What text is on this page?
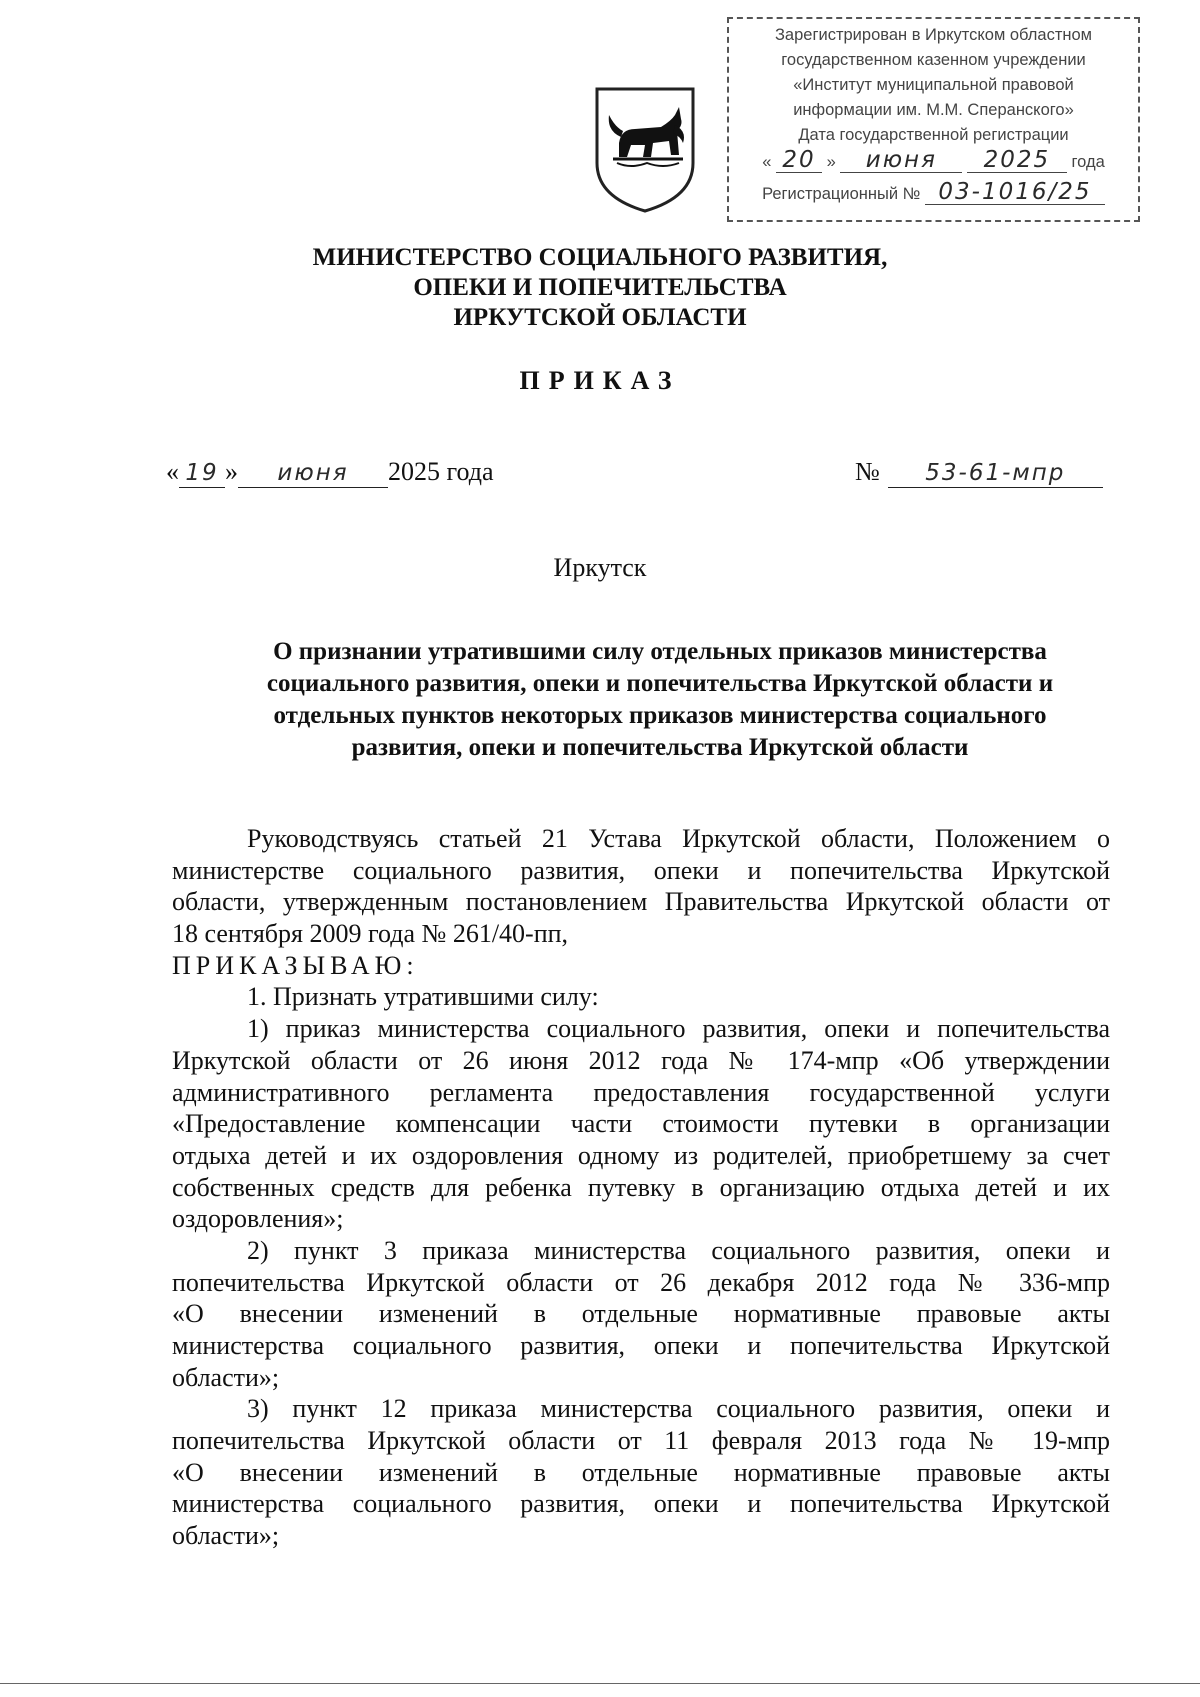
Зарегистрирован в Иркутском областном
государственном казенном учреждении
«Институт муниципальной правовой
информации им. М.М. Сперанского»
Дата государственной регистрации
« 20 » июня 2025 года
Регистрационный № 03-1016/25
МИНИСТЕРСТВО СОЦИАЛЬНОГО РАЗВИТИЯ,
ОПЕКИ И ПОПЕЧИТЕЛЬСТВА
ИРКУТСКОЙ ОБЛАСТИ
ПРИКАЗ
« 19 » июня 2025 года	№ 53-61-мпр
Иркутск
О признании утратившими силу отдельных приказов министерства
социального развития, опеки и попечительства Иркутской области и
отдельных пунктов некоторых приказов министерства социального
развития, опеки и попечительства Иркутской области
Руководствуясь статьей 21 Устава Иркутской области, Положением о
министерстве социального развития, опеки и попечительства Иркутской
области, утвержденным постановлением Правительства Иркутской области от
18 сентября 2009 года № 261/40-пп,
ПРИКАЗЫВАЮ:
1. Признать утратившими силу:
1) приказ министерства социального развития, опеки и попечительства
Иркутской области от 26 июня 2012 года № 174-мпр «Об утверждении
административного регламента предоставления государственной услуги
«Предоставление компенсации части стоимости путевки в организации
отдыха детей и их оздоровления одному из родителей, приобретшему за счет
собственных средств для ребенка путевку в организацию отдыха детей и их
оздоровления»;
2) пункт 3 приказа министерства социального развития, опеки и
попечительства Иркутской области от 26 декабря 2012 года № 336-мпр
«О внесении изменений в отдельные нормативные правовые акты
министерства социального развития, опеки и попечительства Иркутской
области»;
3) пункт 12 приказа министерства социального развития, опеки и
попечительства Иркутской области от 11 февраля 2013 года № 19-мпр
«О внесении изменений в отдельные нормативные правовые акты
министерства социального развития, опеки и попечительства Иркутской
области»;
